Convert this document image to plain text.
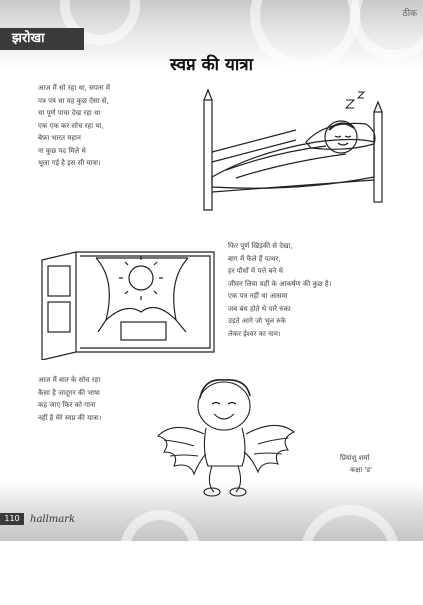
झरोखा
ठीक
स्वप्न की यात्रा
आज मैं सो रहा था, सपना में
पत्र पत्र था यह कुछ ऐसा से,
था पूर्ण पाया देख रहा था
एक एक कर सोच रहा था,
बेफ़ा भारत महान
ना कुछ पद मिले थे
भूला गई है इस सी यात्रा।
फिर पूर्ण खिड़की से देखा,
बाग में फैले हैं पत्थर,
हर पौधों में पत्ते बने थे
जीवन लिया यहीं के आकर्षण की कुछ है।
एक पत्र नहीं था आसमा
जब बंध होते थे पारे रुका
उड़ते आगे जो भूल रुके
लेकर ईश्वर का नाम।
आज मैं बात के सोच रहा
कैसा है जादूगर की भाषा
कह जाए फिर को गाना
नहीं है मेरे स्वप्न की यात्रा।
प्रियांशु शर्मा
कक्षा 'ड'
110	hallmark
